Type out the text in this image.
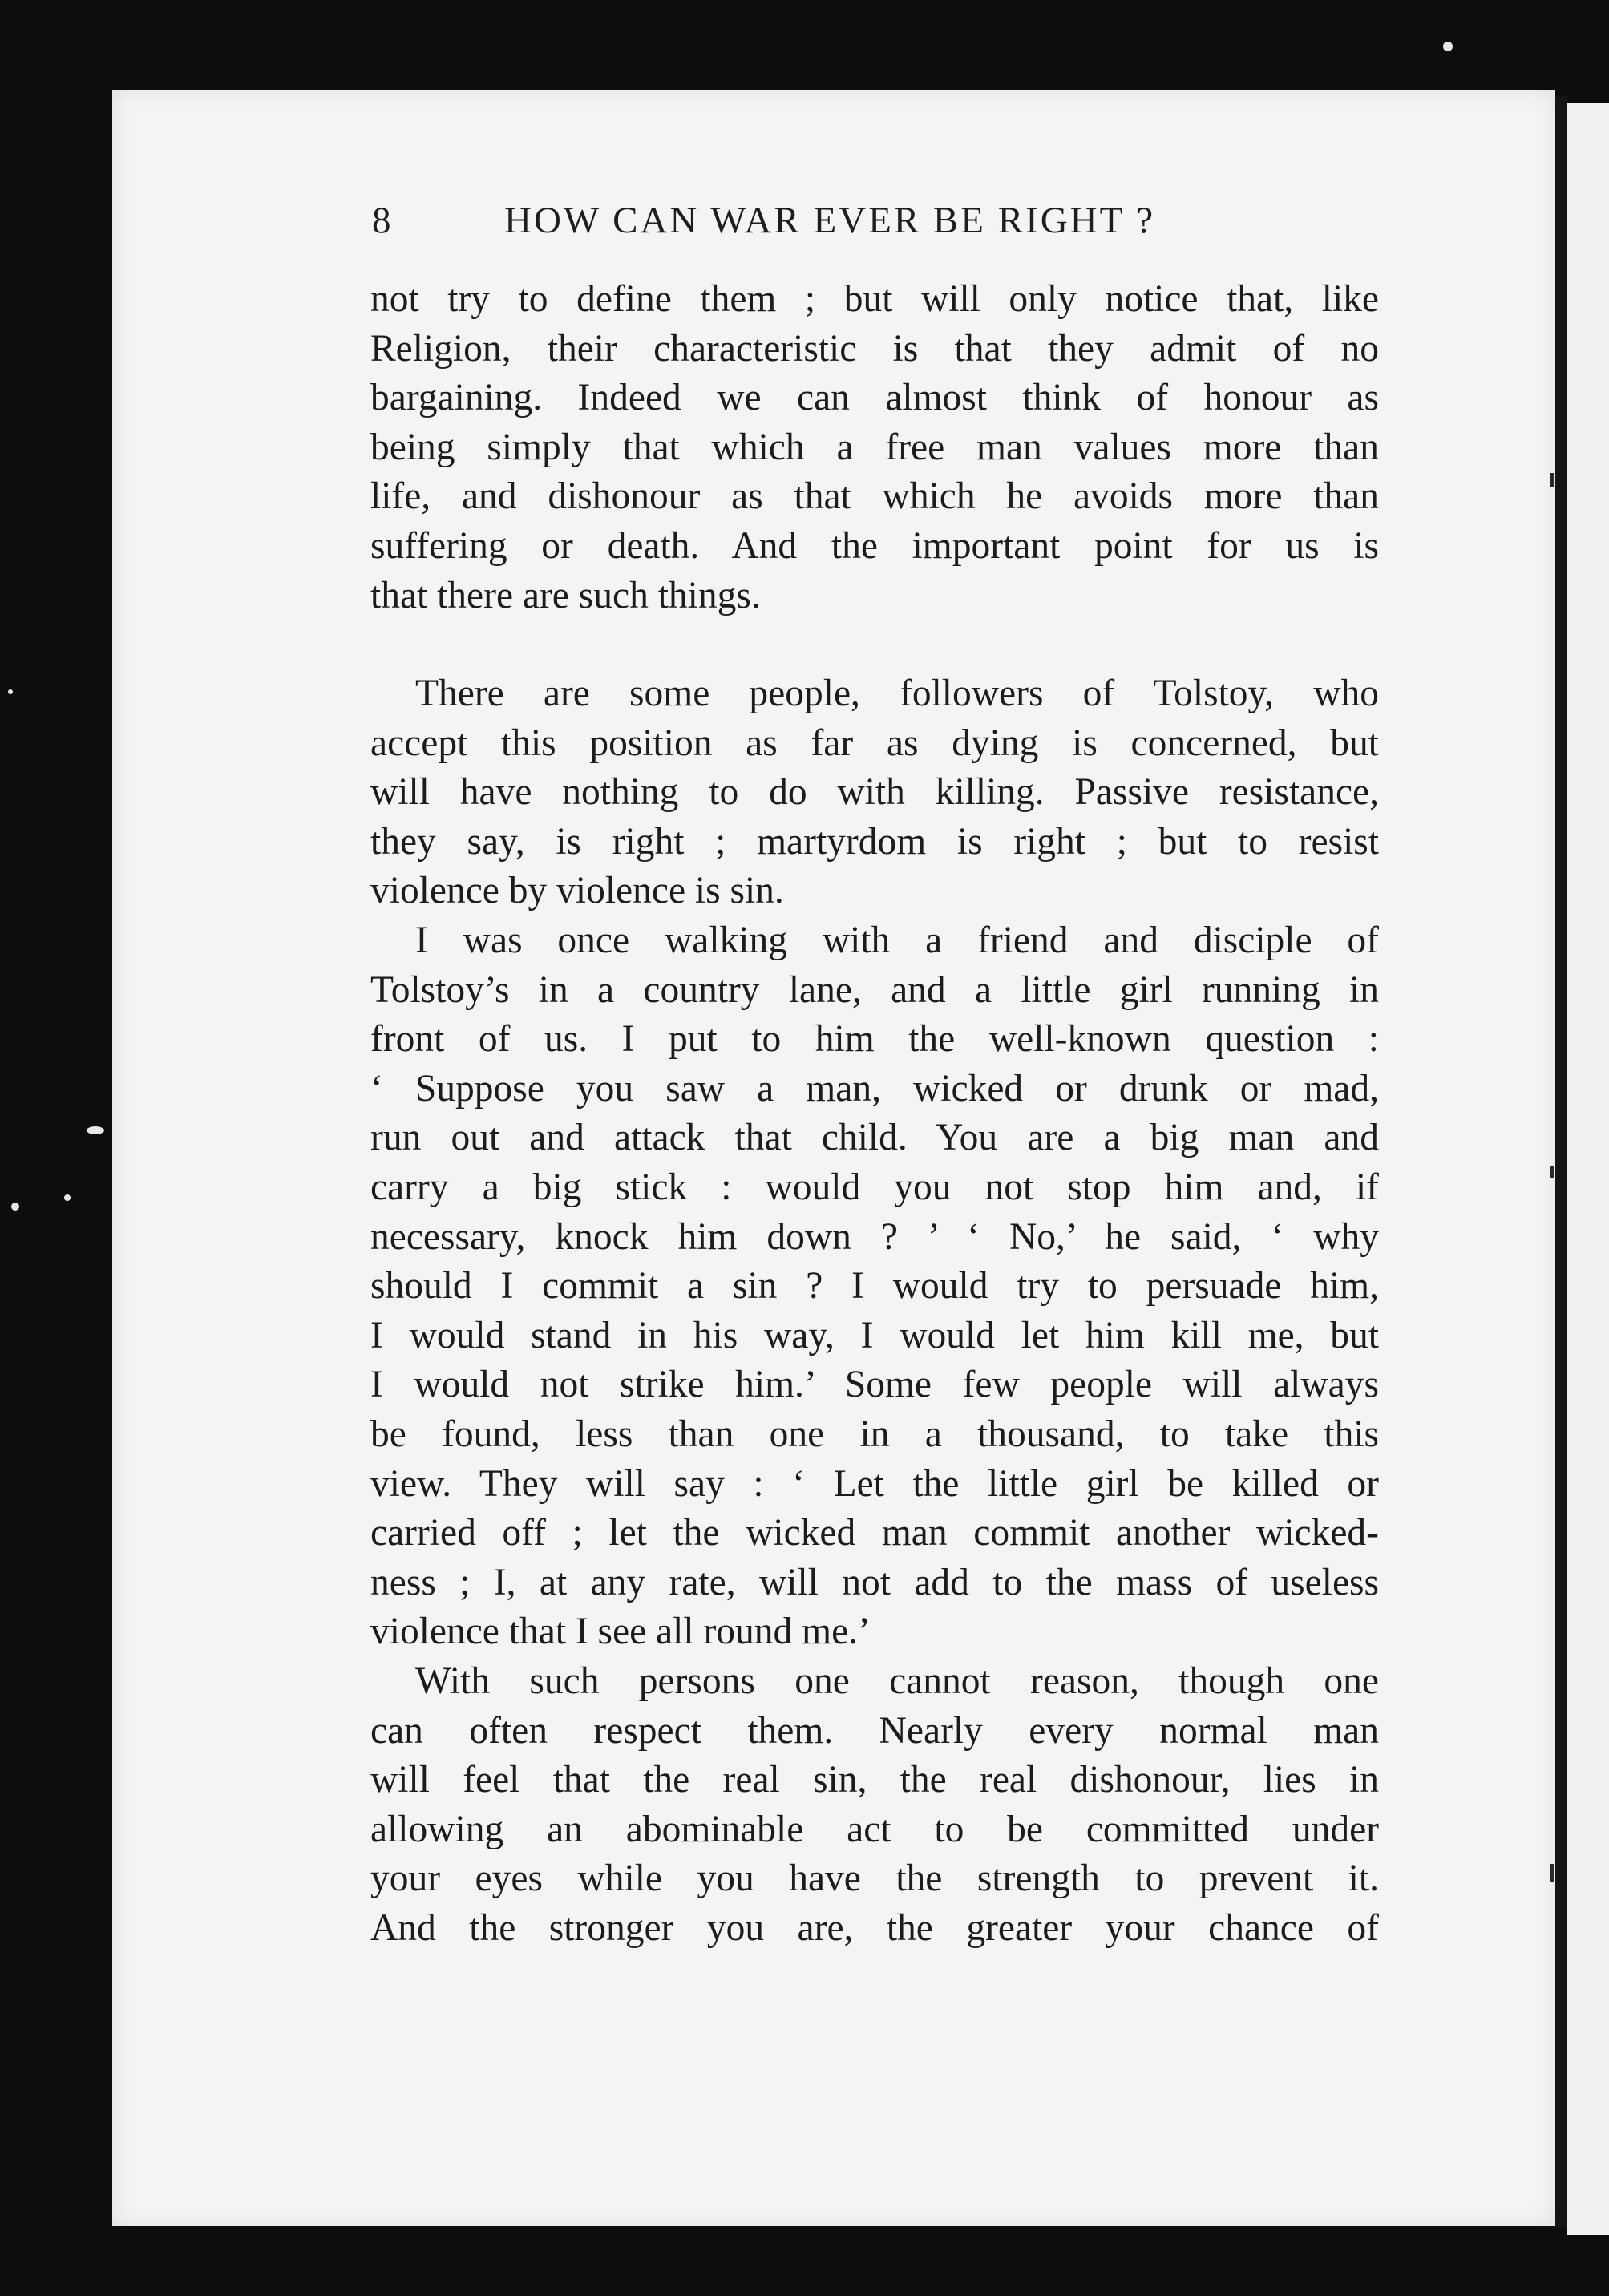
8	HOW CAN WAR EVER BE RIGHT ?

not try to define them ; but will only notice that, like
Religion, their characteristic is that they admit of no
bargaining. Indeed we can almost think of honour as
being simply that which a free man values more than
life, and dishonour as that which he avoids more than
suffering or death. And the important point for us is
that there are such things.

There are some people, followers of Tolstoy, who
accept this position as far as dying is concerned, but
will have nothing to do with killing. Passive resistance,
they say, is right ; martyrdom is right ; but to resist
violence by violence is sin.

I was once walking with a friend and disciple of
Tolstoy’s in a country lane, and a little girl running in
front of us. I put to him the well-known question :
‘ Suppose you saw a man, wicked or drunk or mad,
run out and attack that child. You are a big man and
carry a big stick : would you not stop him and, if
necessary, knock him down ? ’ ‘ No,’ he said, ‘ why
should I commit a sin ? I would try to persuade him,
I would stand in his way, I would let him kill me, but
I would not strike him.’ Some few people will always
be found, less than one in a thousand, to take this
view. They will say : ‘ Let the little girl be killed or
carried off ; let the wicked man commit another wicked-
ness ; I, at any rate, will not add to the mass of useless
violence that I see all round me.’

With such persons one cannot reason, though one
can often respect them. Nearly every normal man
will feel that the real sin, the real dishonour, lies in
allowing an abominable act to be committed under
your eyes while you have the strength to prevent it.
And the stronger you are, the greater your chance of
